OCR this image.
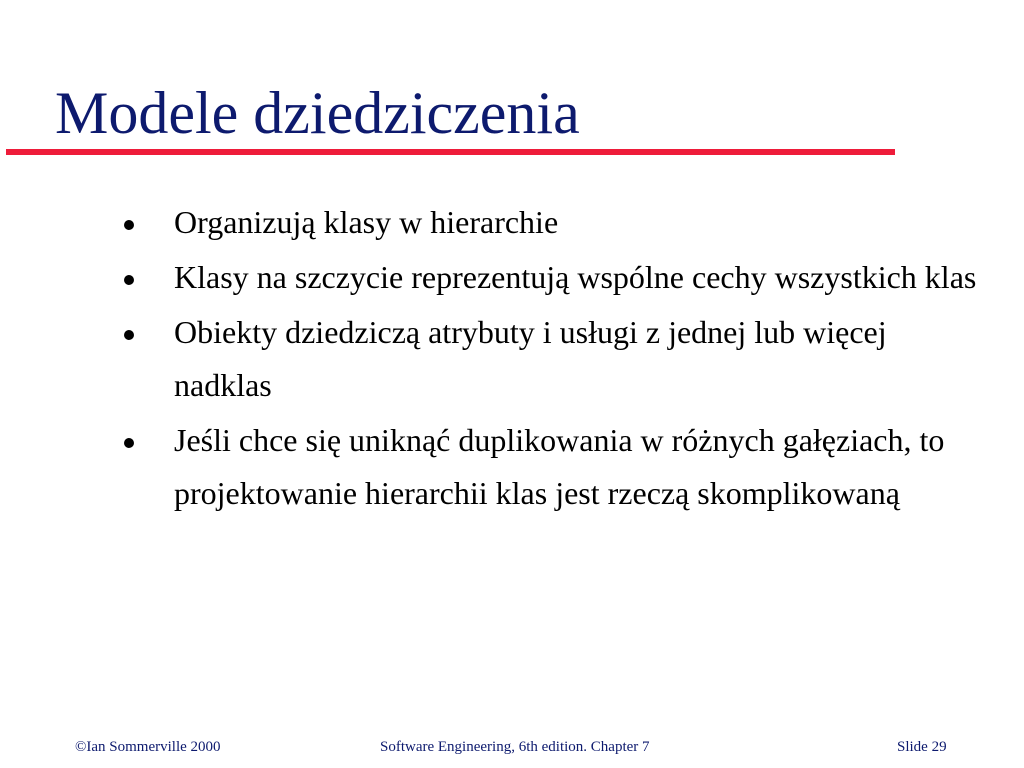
Modele dziedziczenia
Organizują klasy w hierarchie
Klasy na szczycie reprezentują wspólne cechy wszystkich klas
Obiekty dziedziczą atrybuty i usługi z jednej lub więcej nadklas
Jeśli chce się uniknąć duplikowania w różnych gałęziach, to projektowanie hierarchii klas jest rzeczą skomplikowaną
©Ian Sommerville 2000	Software Engineering, 6th edition. Chapter 7	Slide 29
